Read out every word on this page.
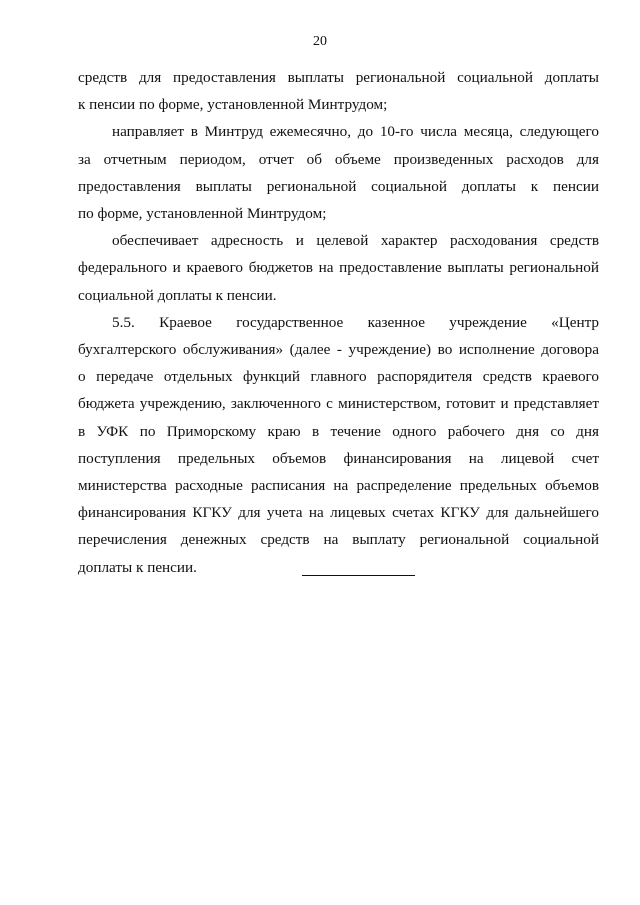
20

средств для предоставления выплаты региональной социальной доплаты
к пенсии по форме, установленной Минтрудом;

направляет в Минтруд ежемесячно, до 10-го числа месяца, следующего
за отчетным периодом, отчет об объеме произведенных расходов для
предоставления выплаты региональной социальной доплаты к пенсии
по форме, установленной Минтрудом;

обеспечивает адресность и целевой характер расходования средств
федерального и краевого бюджетов на предоставление выплаты региональной
социальной доплаты к пенсии.

5.5. Краевое государственное казенное учреждение «Центр
бухгалтерского обслуживания» (далее - учреждение) во исполнение договора
о передаче отдельных функций главного распорядителя средств краевого
бюджета учреждению, заключенного с министерством, готовит и представляет
в УФК по Приморскому краю в течение одного рабочего дня со дня
поступления предельных объемов финансирования на лицевой счет
министерства расходные расписания на распределение предельных объемов
финансирования КГКУ для учета на лицевых счетах КГКУ для дальнейшего
перечисления денежных средств на выплату региональной социальной
доплаты к пенсии.
